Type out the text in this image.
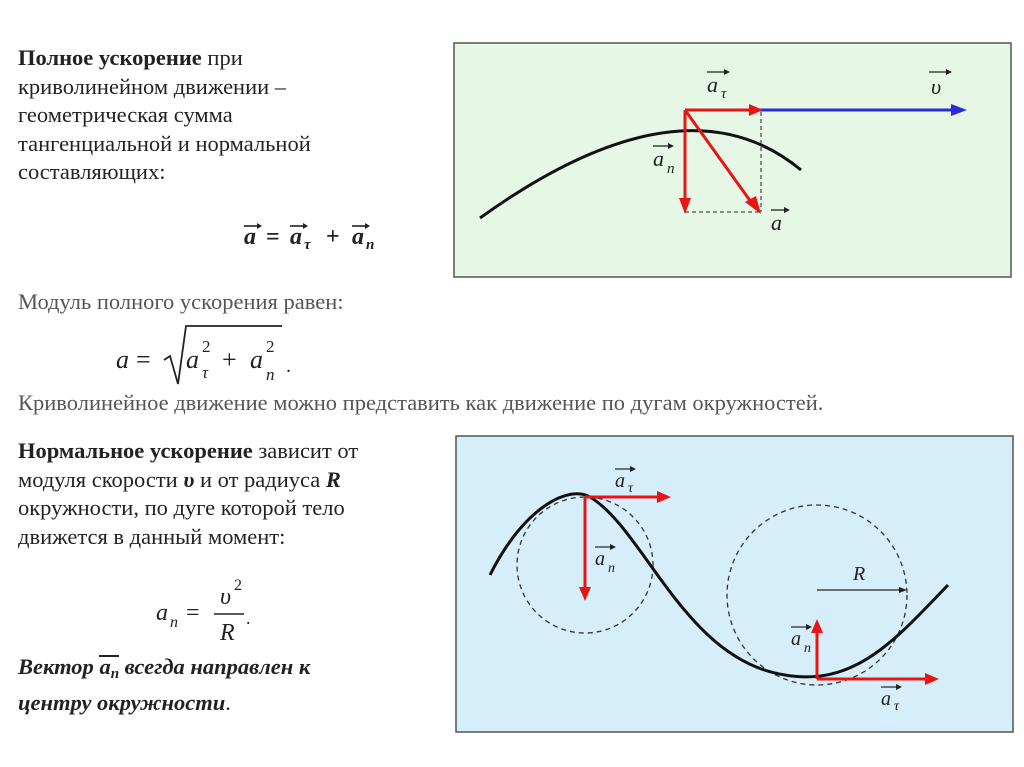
Полное ускорение при
криволинейном движении –
геометрическая сумма
тангенциальной и нормальной
составляющих:
a = a τ + a n
a τ	υ
a n
a
Модуль полного ускорения равен:
a = a 2
τ + a 2
n .
Криволинейное движение можно представить как движение по дугам окружностей.
Нормальное ускорение зависит от
модуля скорости υ и от радиуса R
окружности, по дуге которой тело
движется в данный момент:
a n =
υ 2
R
.
Вектор an
всегда направлен к
центру окружности.
a τ
a n	R
a n
a τ
